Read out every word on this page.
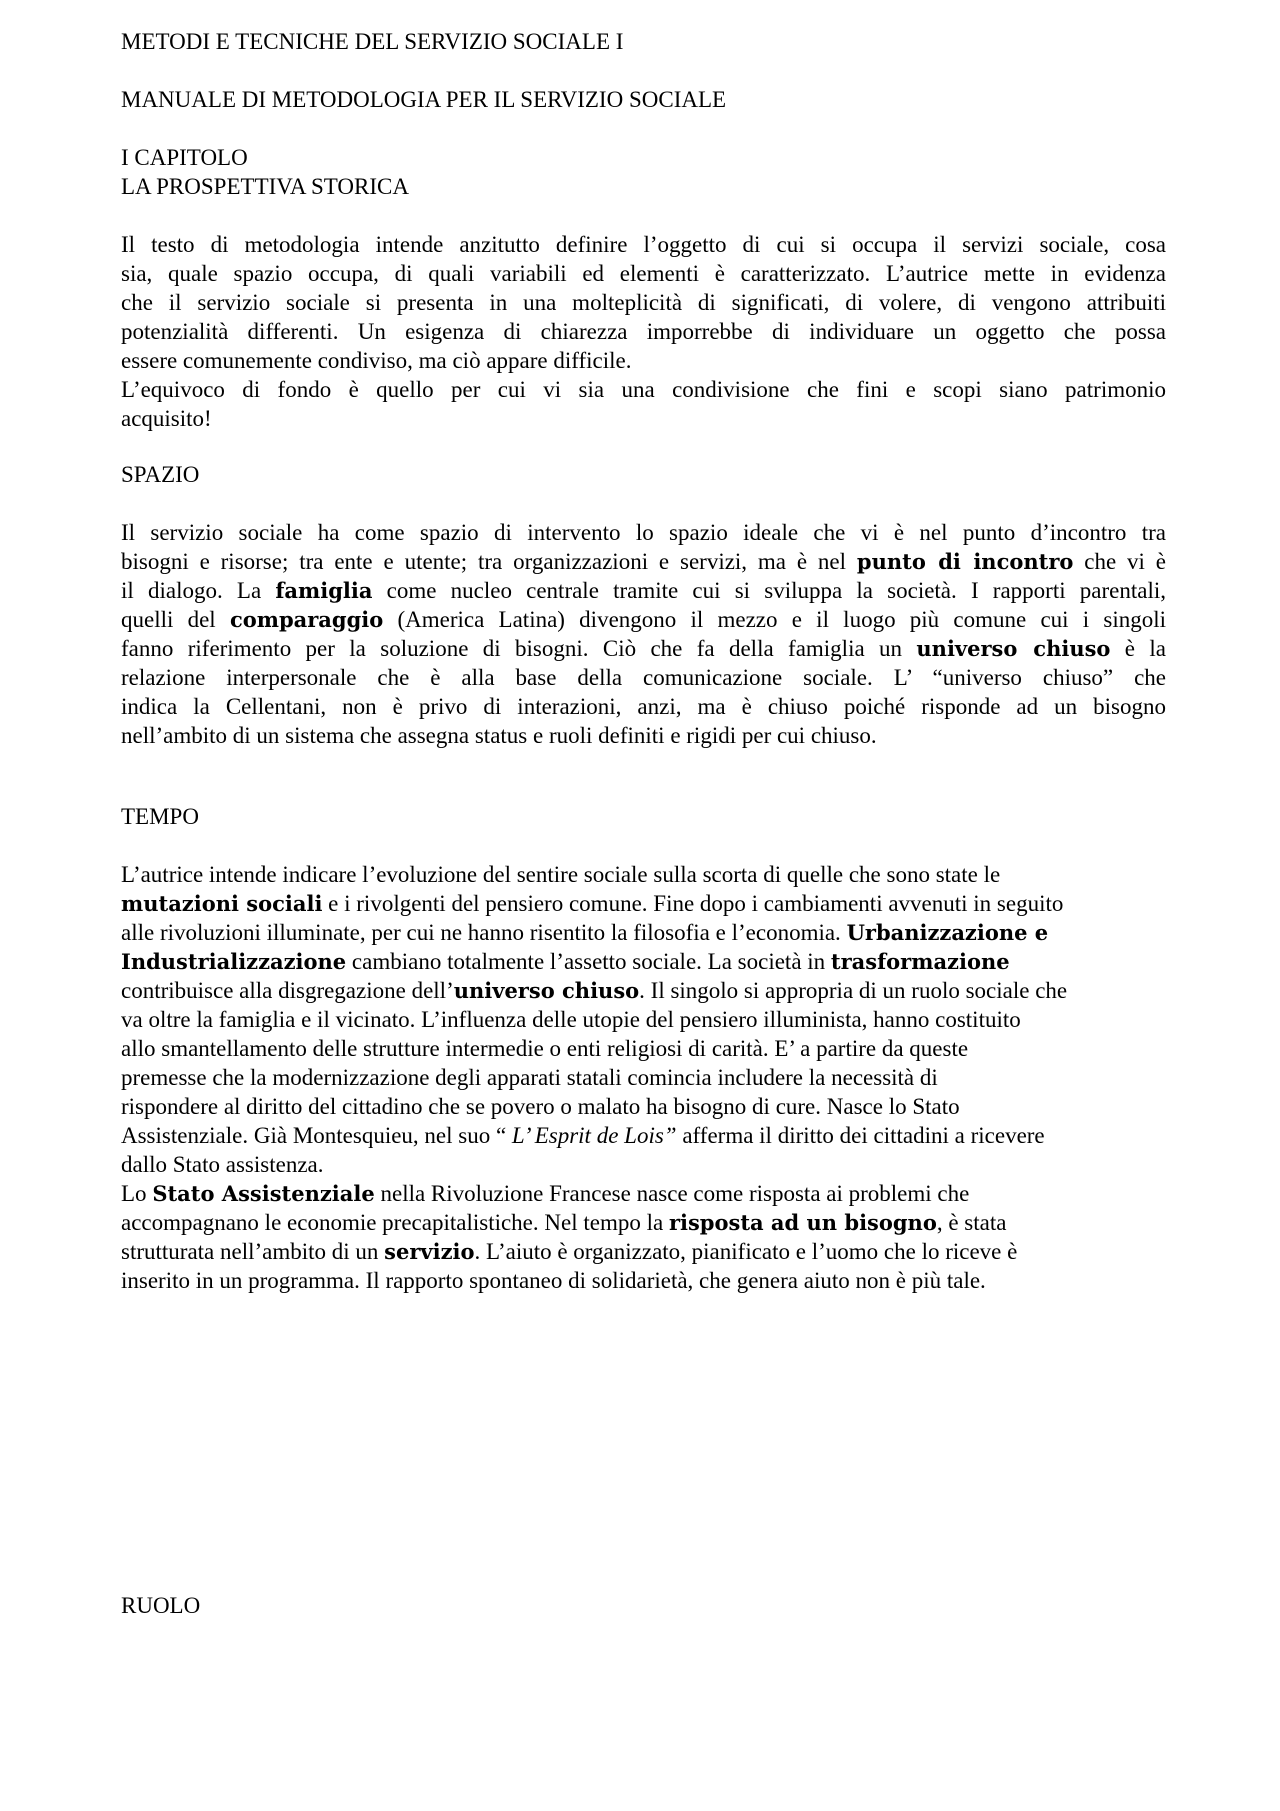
METODI E TECNICHE DEL SERVIZIO SOCIALE I

MANUALE DI METODOLOGIA PER IL SERVIZIO SOCIALE

I CAPITOLO

LA PROSPETTIVA STORICA

Il testo di metodologia intende anzitutto definire l’oggetto di cui si occupa il servizi sociale, cosa
sia, quale spazio occupa, di quali variabili ed elementi è caratterizzato. L’autrice mette in evidenza
che il servizio sociale si presenta in una molteplicità di significati, di volere, di vengono attribuiti
potenzialità differenti. Un esigenza di chiarezza imporrebbe di individuare un oggetto che possa
essere comunemente condiviso, ma ciò appare difficile.
L’equivoco di fondo è quello per cui vi sia una condivisione che fini e scopi siano patrimonio
acquisito!

SPAZIO

Il servizio sociale ha come spazio di intervento lo spazio ideale che vi è nel punto d’incontro tra
bisogni e risorse; tra ente e utente; tra organizzazioni e servizi, ma è nel punto di incontro che vi è
il dialogo. La famiglia come nucleo centrale tramite cui si sviluppa la società. I rapporti parentali,
quelli del comparaggio (America Latina) divengono il mezzo e il luogo più comune cui i singoli
fanno riferimento per la soluzione di bisogni. Ciò che fa della famiglia un universo chiuso è la
relazione interpersonale che è alla base della comunicazione sociale. L’ “universo chiuso” che
indica la Cellentani, non è privo di interazioni, anzi, ma è chiuso poiché risponde ad un bisogno
nell’ambito di un sistema che assegna status e ruoli definiti e rigidi per cui chiuso.

TEMPO

L’autrice intende indicare l’evoluzione del sentire sociale sulla scorta di quelle che sono state le
mutazioni sociali e i rivolgenti del pensiero comune. Fine dopo i cambiamenti avvenuti in seguito
alle rivoluzioni illuminate, per cui ne hanno risentito la filosofia e l’economia. Urbanizzazione e
Industrializzazione cambiano totalmente l’assetto sociale. La società in trasformazione
contribuisce alla disgregazione dell’universo chiuso. Il singolo si appropria di un ruolo sociale che
va oltre la famiglia e il vicinato. L’influenza delle utopie del pensiero illuminista, hanno costituito
allo smantellamento delle strutture intermedie o enti religiosi di carità. E’ a partire da queste
premesse che la modernizzazione degli apparati statali comincia includere la necessità di
rispondere al diritto del cittadino che se povero o malato ha bisogno di cure. Nasce lo Stato
Assistenziale. Già Montesquieu, nel suo “ L’ Esprit de Lois” afferma il diritto dei cittadini a ricevere
dallo Stato assistenza.
Lo Stato Assistenziale nella Rivoluzione Francese nasce come risposta ai problemi che
accompagnano le economie precapitalistiche. Nel tempo la risposta ad un bisogno, è stata
strutturata nell’ambito di un servizio. L’aiuto è organizzato, pianificato e l’uomo che lo riceve è
inserito in un programma. Il rapporto spontaneo di solidarietà, che genera aiuto non è più tale.

RUOLO
